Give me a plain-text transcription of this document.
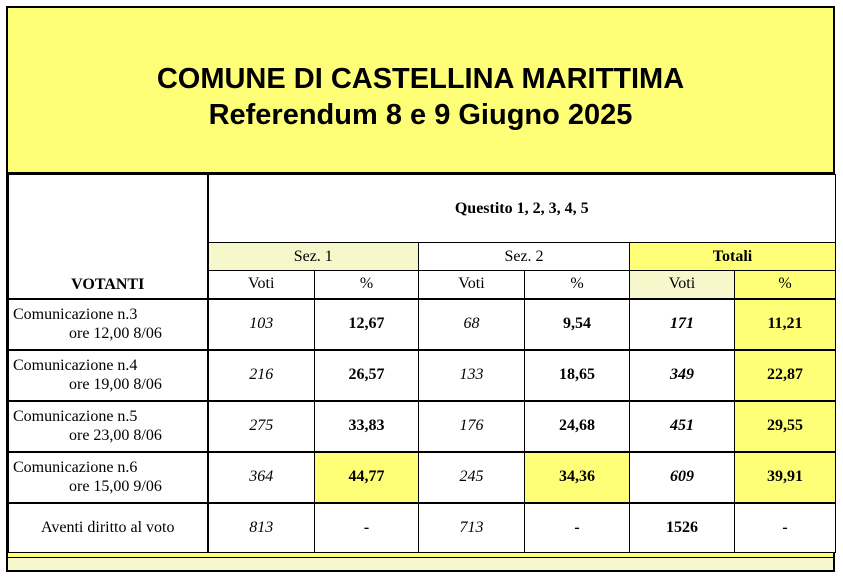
COMUNE DI CASTELLINA MARITTIMA
Referendum 8 e 9 Giugno 2025
VOTANTI	Questito 1, 2, 3, 4, 5					
	Sez. 1		Sez. 2		Totali	
	Voti	%	Voti	%	Voti	%
Comunicazione n.3
ore 12,00 8/06	103	12,67	68	9,54	171	11,21
Comunicazione n.4
ore 19,00 8/06	216	26,57	133	18,65	349	22,87
Comunicazione n.5
ore 23,00 8/06	275	33,83	176	24,68	451	29,55
Comunicazione n.6
ore 15,00 9/06	364	44,77	245	34,36	609	39,91
Aventi diritto al voto	813	-	713	-	1526	-
